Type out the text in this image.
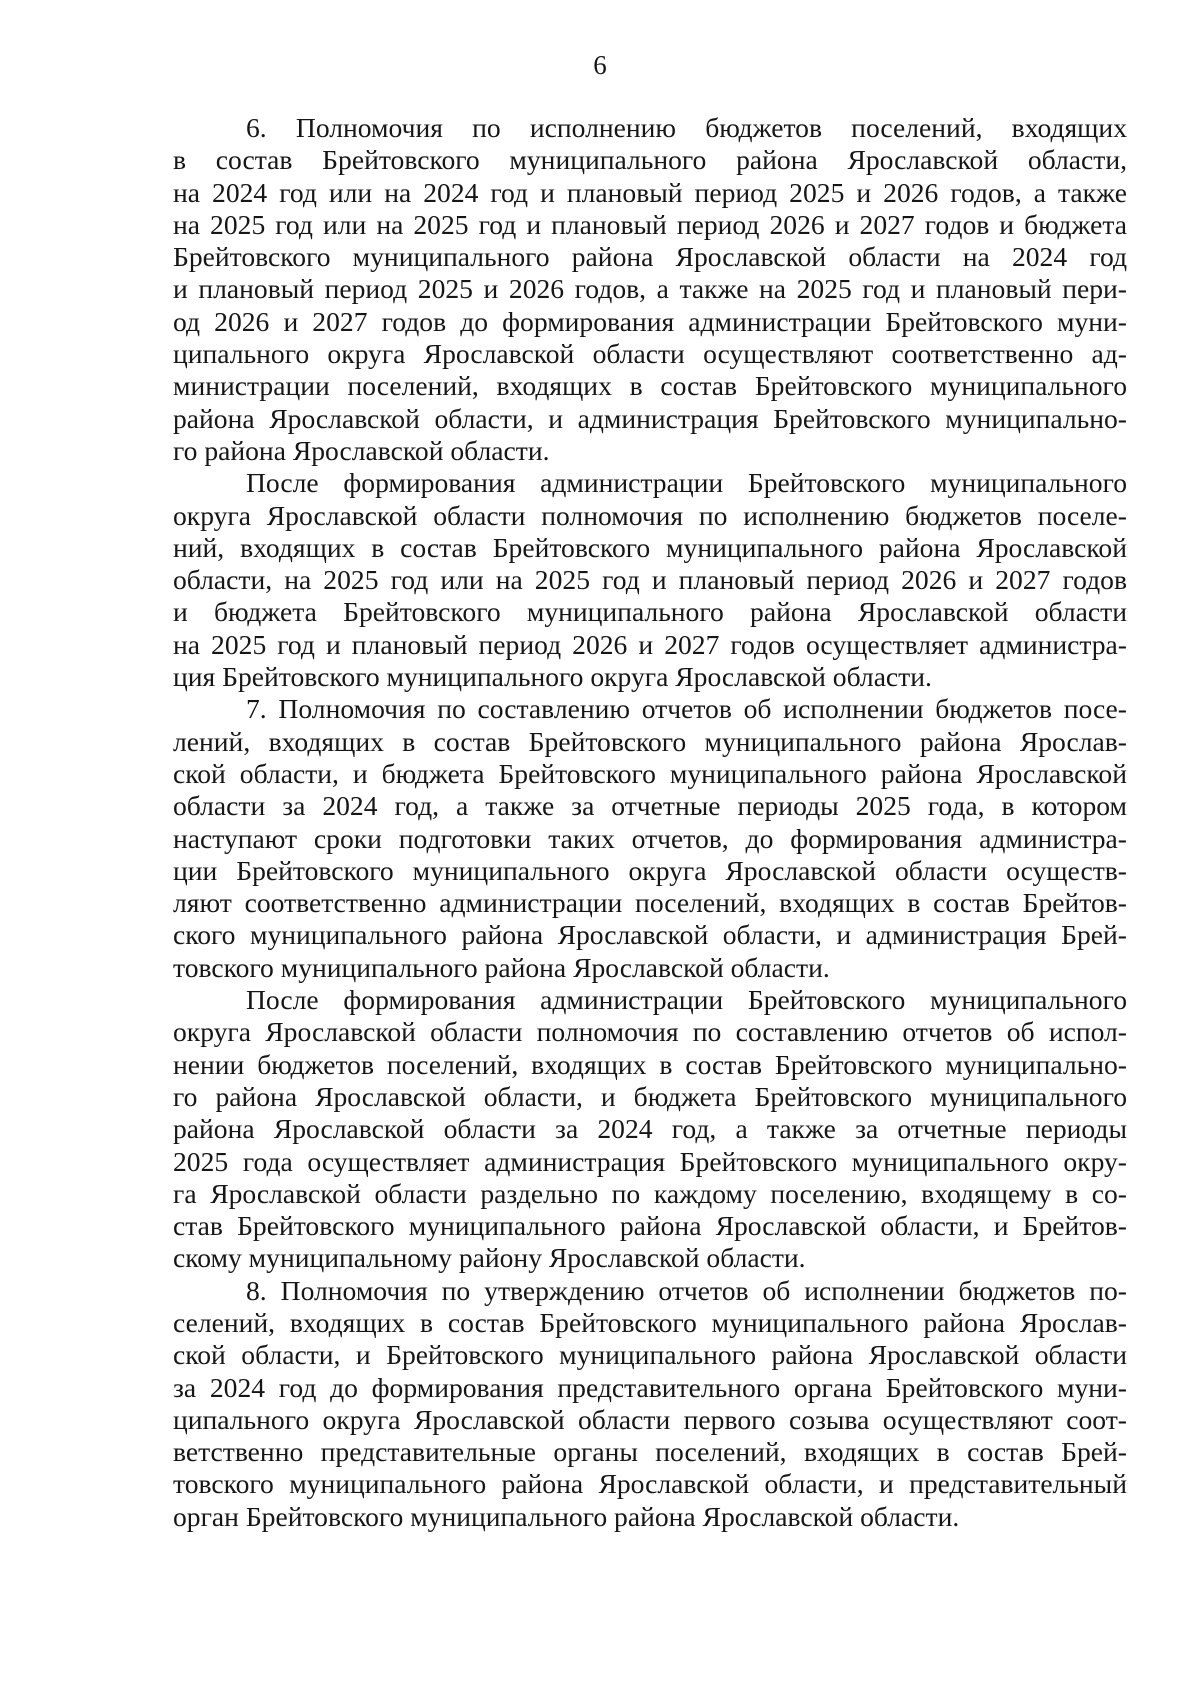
6

6. Полномочия по исполнению бюджетов поселений, входящих
в состав Брейтовского муниципального района Ярославской области,
на 2024 год или на 2024 год и плановый период 2025 и 2026 годов, а также
на 2025 год или на 2025 год и плановый период 2026 и 2027 годов и бюджета
Брейтовского муниципального района Ярославской области на 2024 год
и плановый период 2025 и 2026 годов, а также на 2025 год и плановый пери-
од 2026 и 2027 годов до формирования администрации Брейтовского муни-
ципального округа Ярославской области осуществляют соответственно ад-
министрации поселений, входящих в состав Брейтовского муниципального
района Ярославской области, и администрация Брейтовского муниципально-
го района Ярославской области.

После формирования администрации Брейтовского муниципального
округа Ярославской области полномочия по исполнению бюджетов поселе-
ний, входящих в состав Брейтовского муниципального района Ярославской
области, на 2025 год или на 2025 год и плановый период 2026 и 2027 годов
и бюджета Брейтовского муниципального района Ярославской области
на 2025 год и плановый период 2026 и 2027 годов осуществляет администра-
ция Брейтовского муниципального округа Ярославской области.

7. Полномочия по составлению отчетов об исполнении бюджетов посе-
лений, входящих в состав Брейтовского муниципального района Ярослав-
ской области, и бюджета Брейтовского муниципального района Ярославской
области за 2024 год, а также за отчетные периоды 2025 года, в котором
наступают сроки подготовки таких отчетов, до формирования администра-
ции Брейтовского муниципального округа Ярославской области осуществ-
ляют соответственно администрации поселений, входящих в состав Брейтов-
ского муниципального района Ярославской области, и администрация Брей-
товского муниципального района Ярославской области.

После формирования администрации Брейтовского муниципального
округа Ярославской области полномочия по составлению отчетов об испол-
нении бюджетов поселений, входящих в состав Брейтовского муниципально-
го района Ярославской области, и бюджета Брейтовского муниципального
района Ярославской области за 2024 год, а также за отчетные периоды
2025 года осуществляет администрация Брейтовского муниципального окру-
га Ярославской области раздельно по каждому поселению, входящему в со-
став Брейтовского муниципального района Ярославской области, и Брейтов-
скому муниципальному району Ярославской области.

8. Полномочия по утверждению отчетов об исполнении бюджетов по-
селений, входящих в состав Брейтовского муниципального района Ярослав-
ской области, и Брейтовского муниципального района Ярославской области
за 2024 год до формирования представительного органа Брейтовского муни-
ципального округа Ярославской области первого созыва осуществляют соот-
ветственно представительные органы поселений, входящих в состав Брей-
товского муниципального района Ярославской области, и представительный
орган Брейтовского муниципального района Ярославской области.
